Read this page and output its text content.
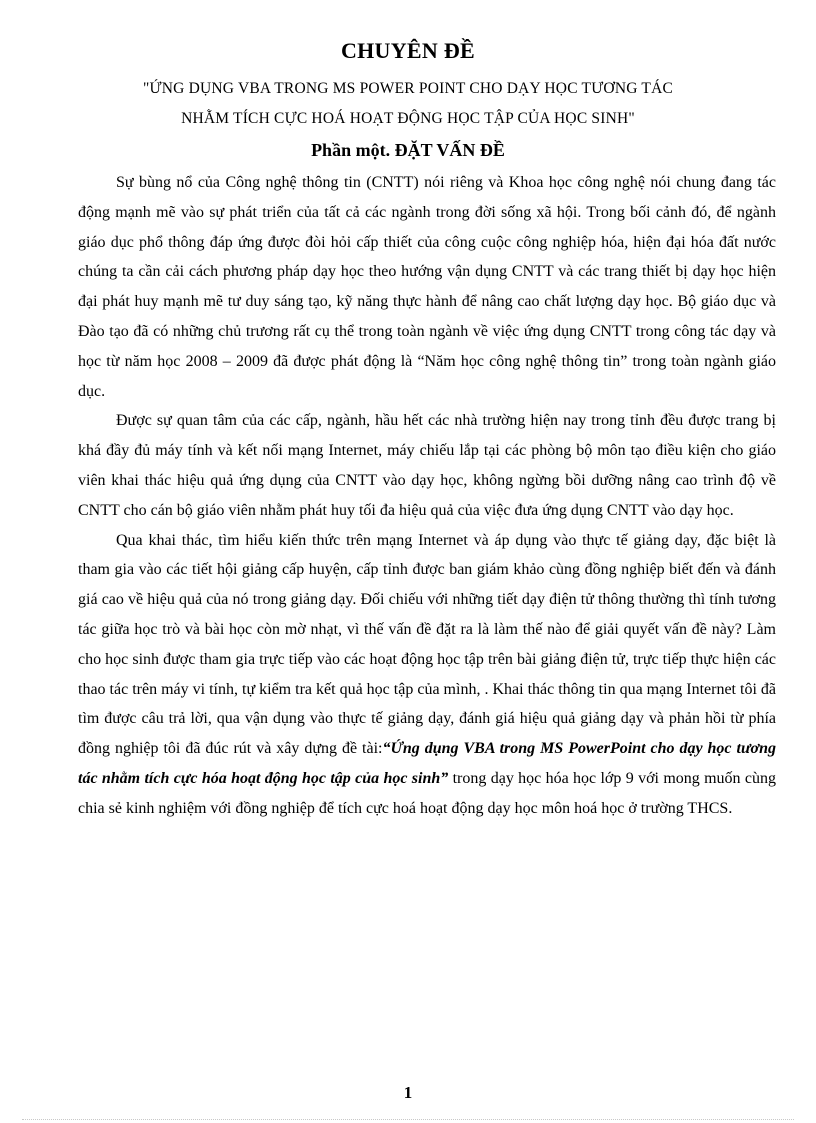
CHUYÊN ĐỀ
"ỨNG DỤNG VBA TRONG MS POWER POINT CHO DẠY HỌC TƯƠNG TÁC
NHẰM TÍCH CỰC HOÁ HOẠT ĐỘNG HỌC TẬP CỦA HỌC SINH"
Phần một. ĐẶT VẤN ĐỀ

Sự bùng nổ của Công nghệ thông tin (CNTT) nói riêng và Khoa học công nghệ nói chung đang tác động mạnh mẽ vào sự phát triển của tất cả các ngành trong đời sống xã hội. Trong bối cảnh đó, để ngành giáo dục phổ thông đáp ứng được đòi hỏi cấp thiết của công cuộc công nghiệp hóa, hiện đại hóa đất nước chúng ta cần cải cách phương pháp dạy học theo hướng vận dụng CNTT và các trang thiết bị dạy học hiện đại phát huy mạnh mẽ tư duy sáng tạo, kỹ năng thực hành để nâng cao chất lượng dạy học. Bộ giáo dục và Đào tạo đã có những chủ trương rất cụ thể trong toàn ngành về việc ứng dụng CNTT trong công tác dạy và học từ năm học 2008 – 2009 đã được phát động là “Năm học công nghệ thông tin” trong toàn ngành giáo dục.

Được sự quan tâm của các cấp, ngành, hầu hết các nhà trường hiện nay trong tỉnh đều được trang bị khá đầy đủ máy tính và kết nối mạng Internet, máy chiếu lắp tại các phòng bộ môn tạo điều kiện cho giáo viên khai thác hiệu quả ứng dụng của CNTT vào dạy học, không ngừng bồi dưỡng nâng cao trình độ về CNTT cho cán bộ giáo viên nhằm phát huy tối đa hiệu quả của việc đưa ứng dụng CNTT vào dạy học.

Qua khai thác, tìm hiểu kiến thức trên mạng Internet và áp dụng vào thực tế giảng dạy, đặc biệt là tham gia vào các tiết hội giảng cấp huyện, cấp tỉnh được ban giám khảo cùng đồng nghiệp biết đến và đánh giá cao về hiệu quả của nó trong giảng dạy. Đối chiếu với những tiết dạy điện tử thông thường thì tính tương tác giữa học trò và bài học còn mờ nhạt, vì thế vấn đề đặt ra là làm thế nào để giải quyết vấn đề này? Làm cho học sinh được tham gia trực tiếp vào các hoạt động học tập trên bài giảng điện tử, trực tiếp thực hiện các thao tác trên máy vi tính, tự kiểm tra kết quả học tập của mình, . Khai thác thông tin qua mạng Internet tôi đã tìm được câu trả lời, qua vận dụng vào thực tế giảng dạy, đánh giá hiệu quả giảng dạy và phản hồi từ phía đồng nghiệp tôi đã đúc rút và xây dựng đề tài:“Ứng dụng VBA trong MS PowerPoint cho dạy học tương tác nhằm tích cực hóa hoạt động học tập của học sinh” trong dạy học hóa học lớp 9 với mong muốn cùng chia sẻ kinh nghiệm với đồng nghiệp để tích cực hoá hoạt động dạy học môn hoá học ở trường THCS.

1
